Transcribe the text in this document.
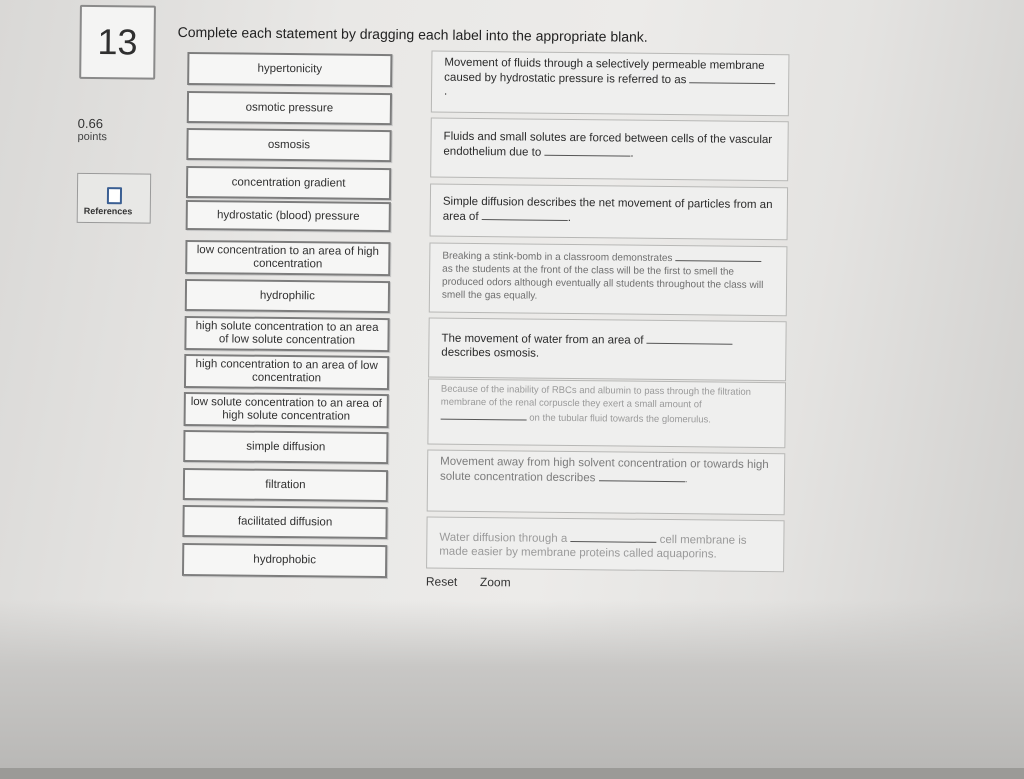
13
0.66
points
References
Complete each statement by dragging each label into the appropriate blank.
hypertonicity
osmotic pressure
osmosis
concentration gradient
hydrostatic (blood) pressure
low concentration to an area of high concentration
hydrophilic
high solute concentration to an area of low solute concentration
high concentration to an area of low concentration
low solute concentration to an area of high solute concentration
simple diffusion
filtration
facilitated diffusion
hydrophobic
Movement of fluids through a selectively permeable membrane caused by hydrostatic pressure is referred to as .
Fluids and small solutes are forced between cells of the vascular endothelium due to	.
Simple diffusion describes the net movement of particles from an area of	.
Breaking a stink-bomb in a classroom demonstrates  as the students at the front of the class will be the first to smell the produced odors although eventually all students throughout the class will smell the gas equally.
The movement of water from an area of  describes osmosis.
Because of the inability of RBCs and albumin to pass through the filtration membrane of the renal corpuscle they exert a small amount of  on the tubular fluid towards the glomerulus.
Movement away from high solvent concentration or towards high solute concentration describes	.
Water diffusion through a	cell membrane is made easier by membrane proteins called aquaporins.
Reset Zoom
